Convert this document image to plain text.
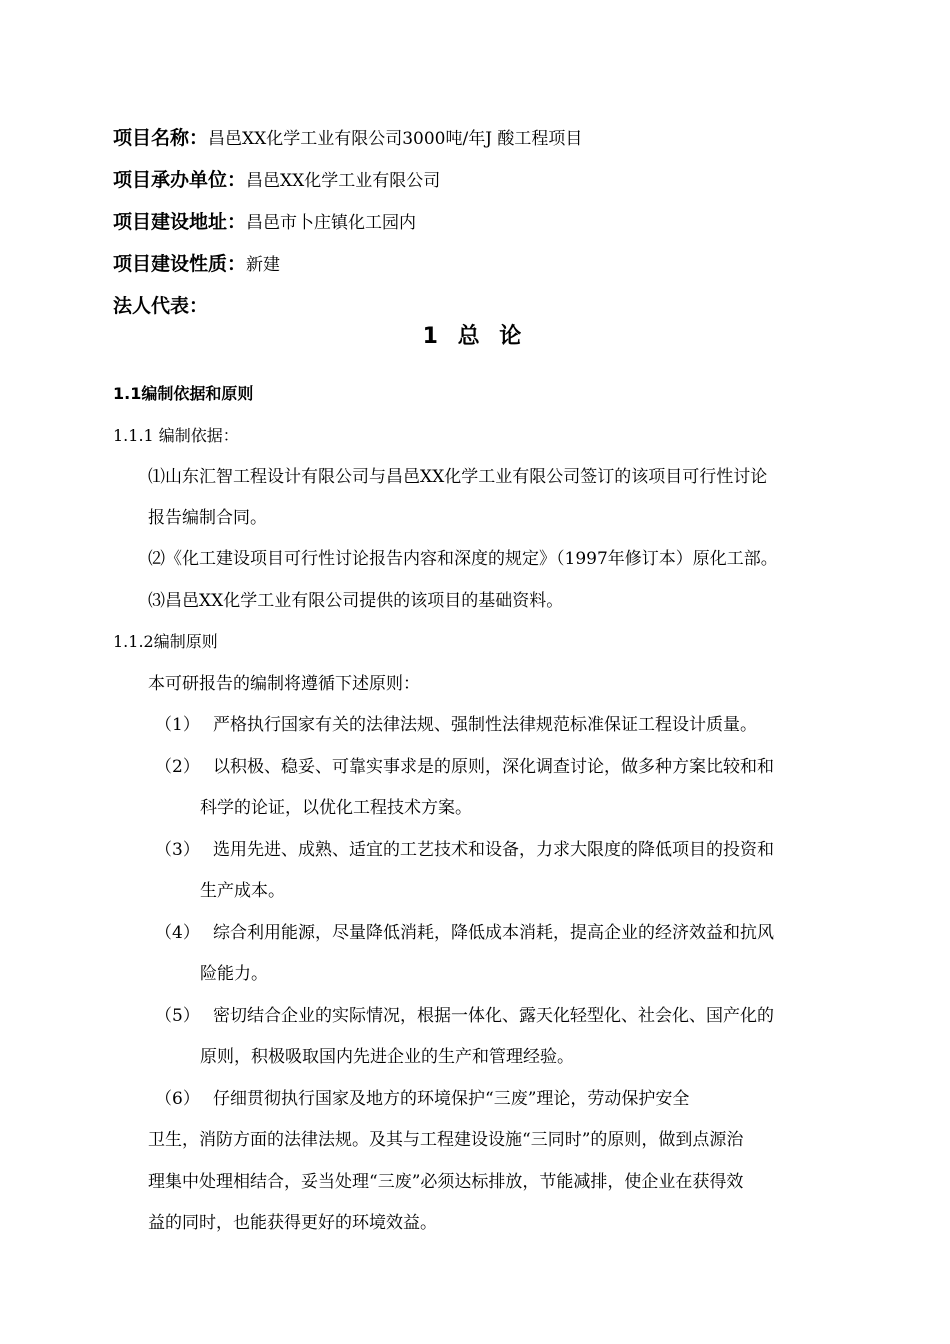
项目名称：昌邑XX化学工业有限公司3000吨/年J 酸工程项目
项目承办单位：昌邑XX化学工业有限公司
项目建设地址：昌邑市卜庄镇化工园内
项目建设性质：新建
法人代表：
1 总 论
1.1编制依据和原则
1.1.1 编制依据：
⑴山东汇智工程设计有限公司与昌邑XX化学工业有限公司签订的该项目可行性讨论
报告编制合同。
⑵《化工建设项目可行性讨论报告内容和深度的规定》（1997年修订本）原化工部。
⑶昌邑XX化学工业有限公司提供的该项目的基础资料。
1.1.2编制原则
本可研报告的编制将遵循下述原则：
（1） 严格执行国家有关的法律法规、强制性法律规范标准保证工程设计质量。
（2） 以积极、稳妥、可靠实事求是的原则，深化调查讨论，做多种方案比较和和
科学的论证，以优化工程技术方案。
（3） 选用先进、成熟、适宜的工艺技术和设备，力求大限度的降低项目的投资和
生产成本。
（4） 综合利用能源，尽量降低消耗，降低成本消耗，提高企业的经济效益和抗风
险能力。
（5） 密切结合企业的实际情况，根据一体化、露天化轻型化、社会化、国产化的
原则，积极吸取国内先进企业的生产和管理经验。
（6） 仔细贯彻执行国家及地方的环境保护“三废”理论，劳动保护安全
卫生，消防方面的法律法规。及其与工程建设设施“三同时”的原则，做到点源治
理集中处理相结合，妥当处理“三废”必须达标排放，节能减排，使企业在获得效
益的同时，也能获得更好的环境效益。
